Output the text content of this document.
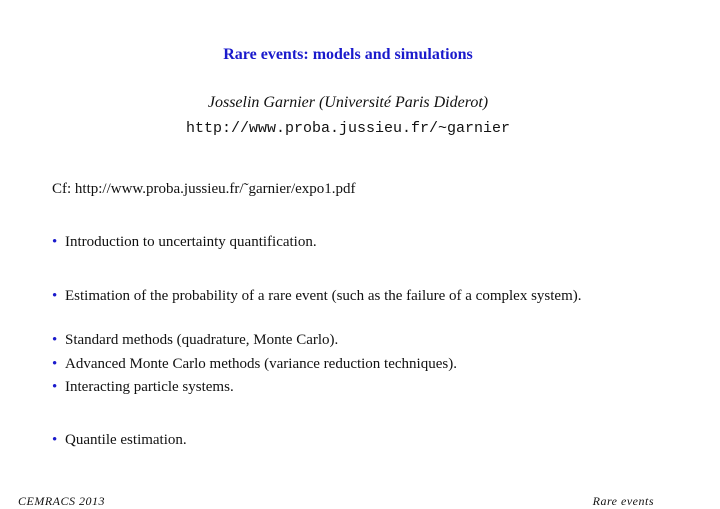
Rare events: models and simulations
Josselin Garnier (Université Paris Diderot)
http://www.proba.jussieu.fr/~garnier
Cf: http://www.proba.jussieu.fr/˜garnier/expo1.pdf
• Introduction to uncertainty quantification.
• Estimation of the probability of a rare event (such as the failure of a complex system).
• Standard methods (quadrature, Monte Carlo).
• Advanced Monte Carlo methods (variance reduction techniques).
• Interacting particle systems.
• Quantile estimation.
CEMRACS 2013	Rare events
